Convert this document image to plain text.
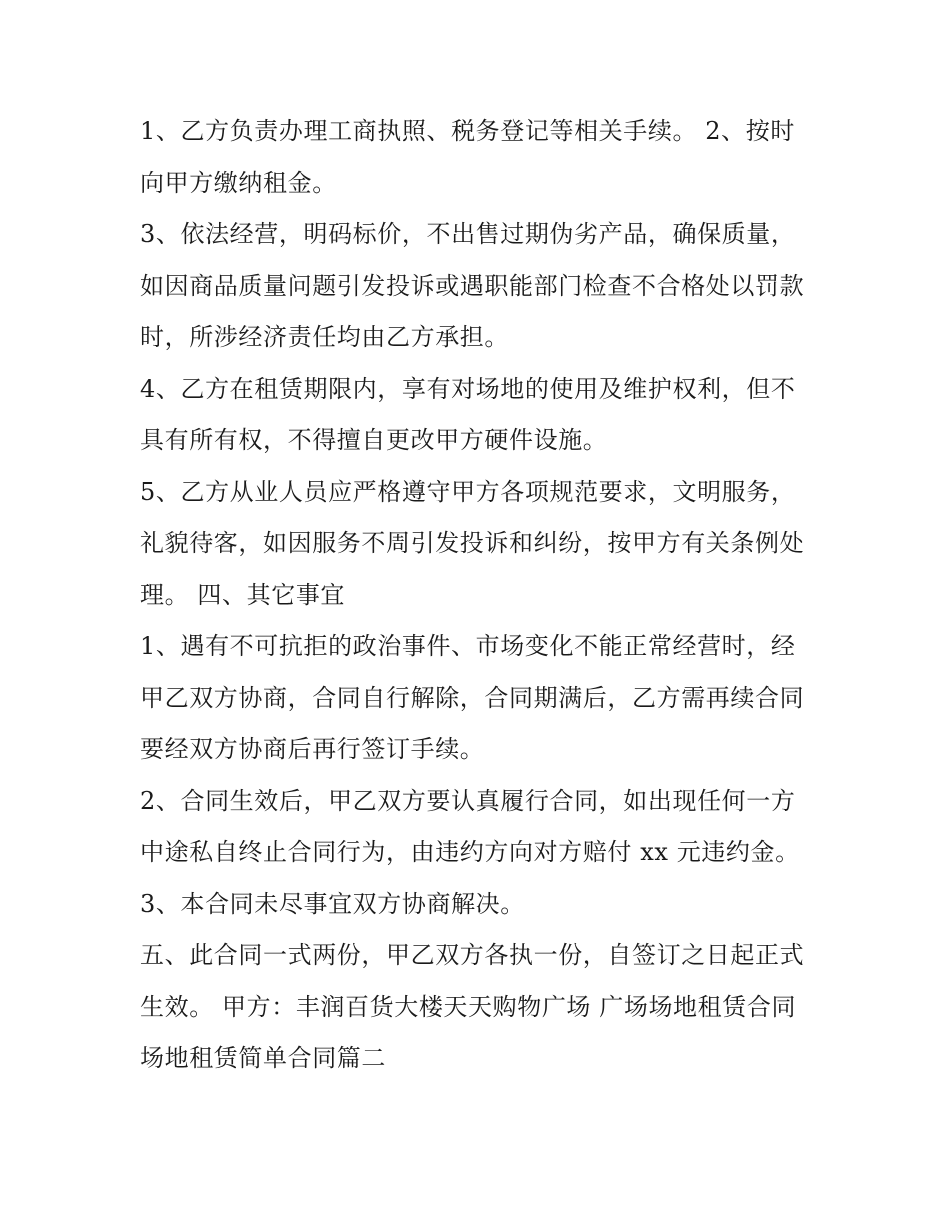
1、乙方负责办理工商执照、税务登记等相关手续。 2、按时
向甲方缴纳租金。

3、依法经营，明码标价，不出售过期伪劣产品，确保质量，
如因商品质量问题引发投诉或遇职能部门检查不合格处以罚款
时，所涉经济责任均由乙方承担。

4、乙方在租赁期限内，享有对场地的使用及维护权利，但不
具有所有权，不得擅自更改甲方硬件设施。

5、乙方从业人员应严格遵守甲方各项规范要求，文明服务，
礼貌待客，如因服务不周引发投诉和纠纷，按甲方有关条例处
理。 四、其它事宜

1、遇有不可抗拒的政治事件、市场变化不能正常经营时，经
甲乙双方协商，合同自行解除，合同期满后，乙方需再续合同
要经双方协商后再行签订手续。

2、合同生效后，甲乙双方要认真履行合同，如出现任何一方
中途私自终止合同行为，由违约方向对方赔付 xx 元违约金。

3、本合同未尽事宜双方协商解决。

五、此合同一式两份，甲乙双方各执一份，自签订之日起正式
生效。 甲方：丰润百货大楼天天购物广场 广场场地租赁合同
场地租赁简单合同篇二
